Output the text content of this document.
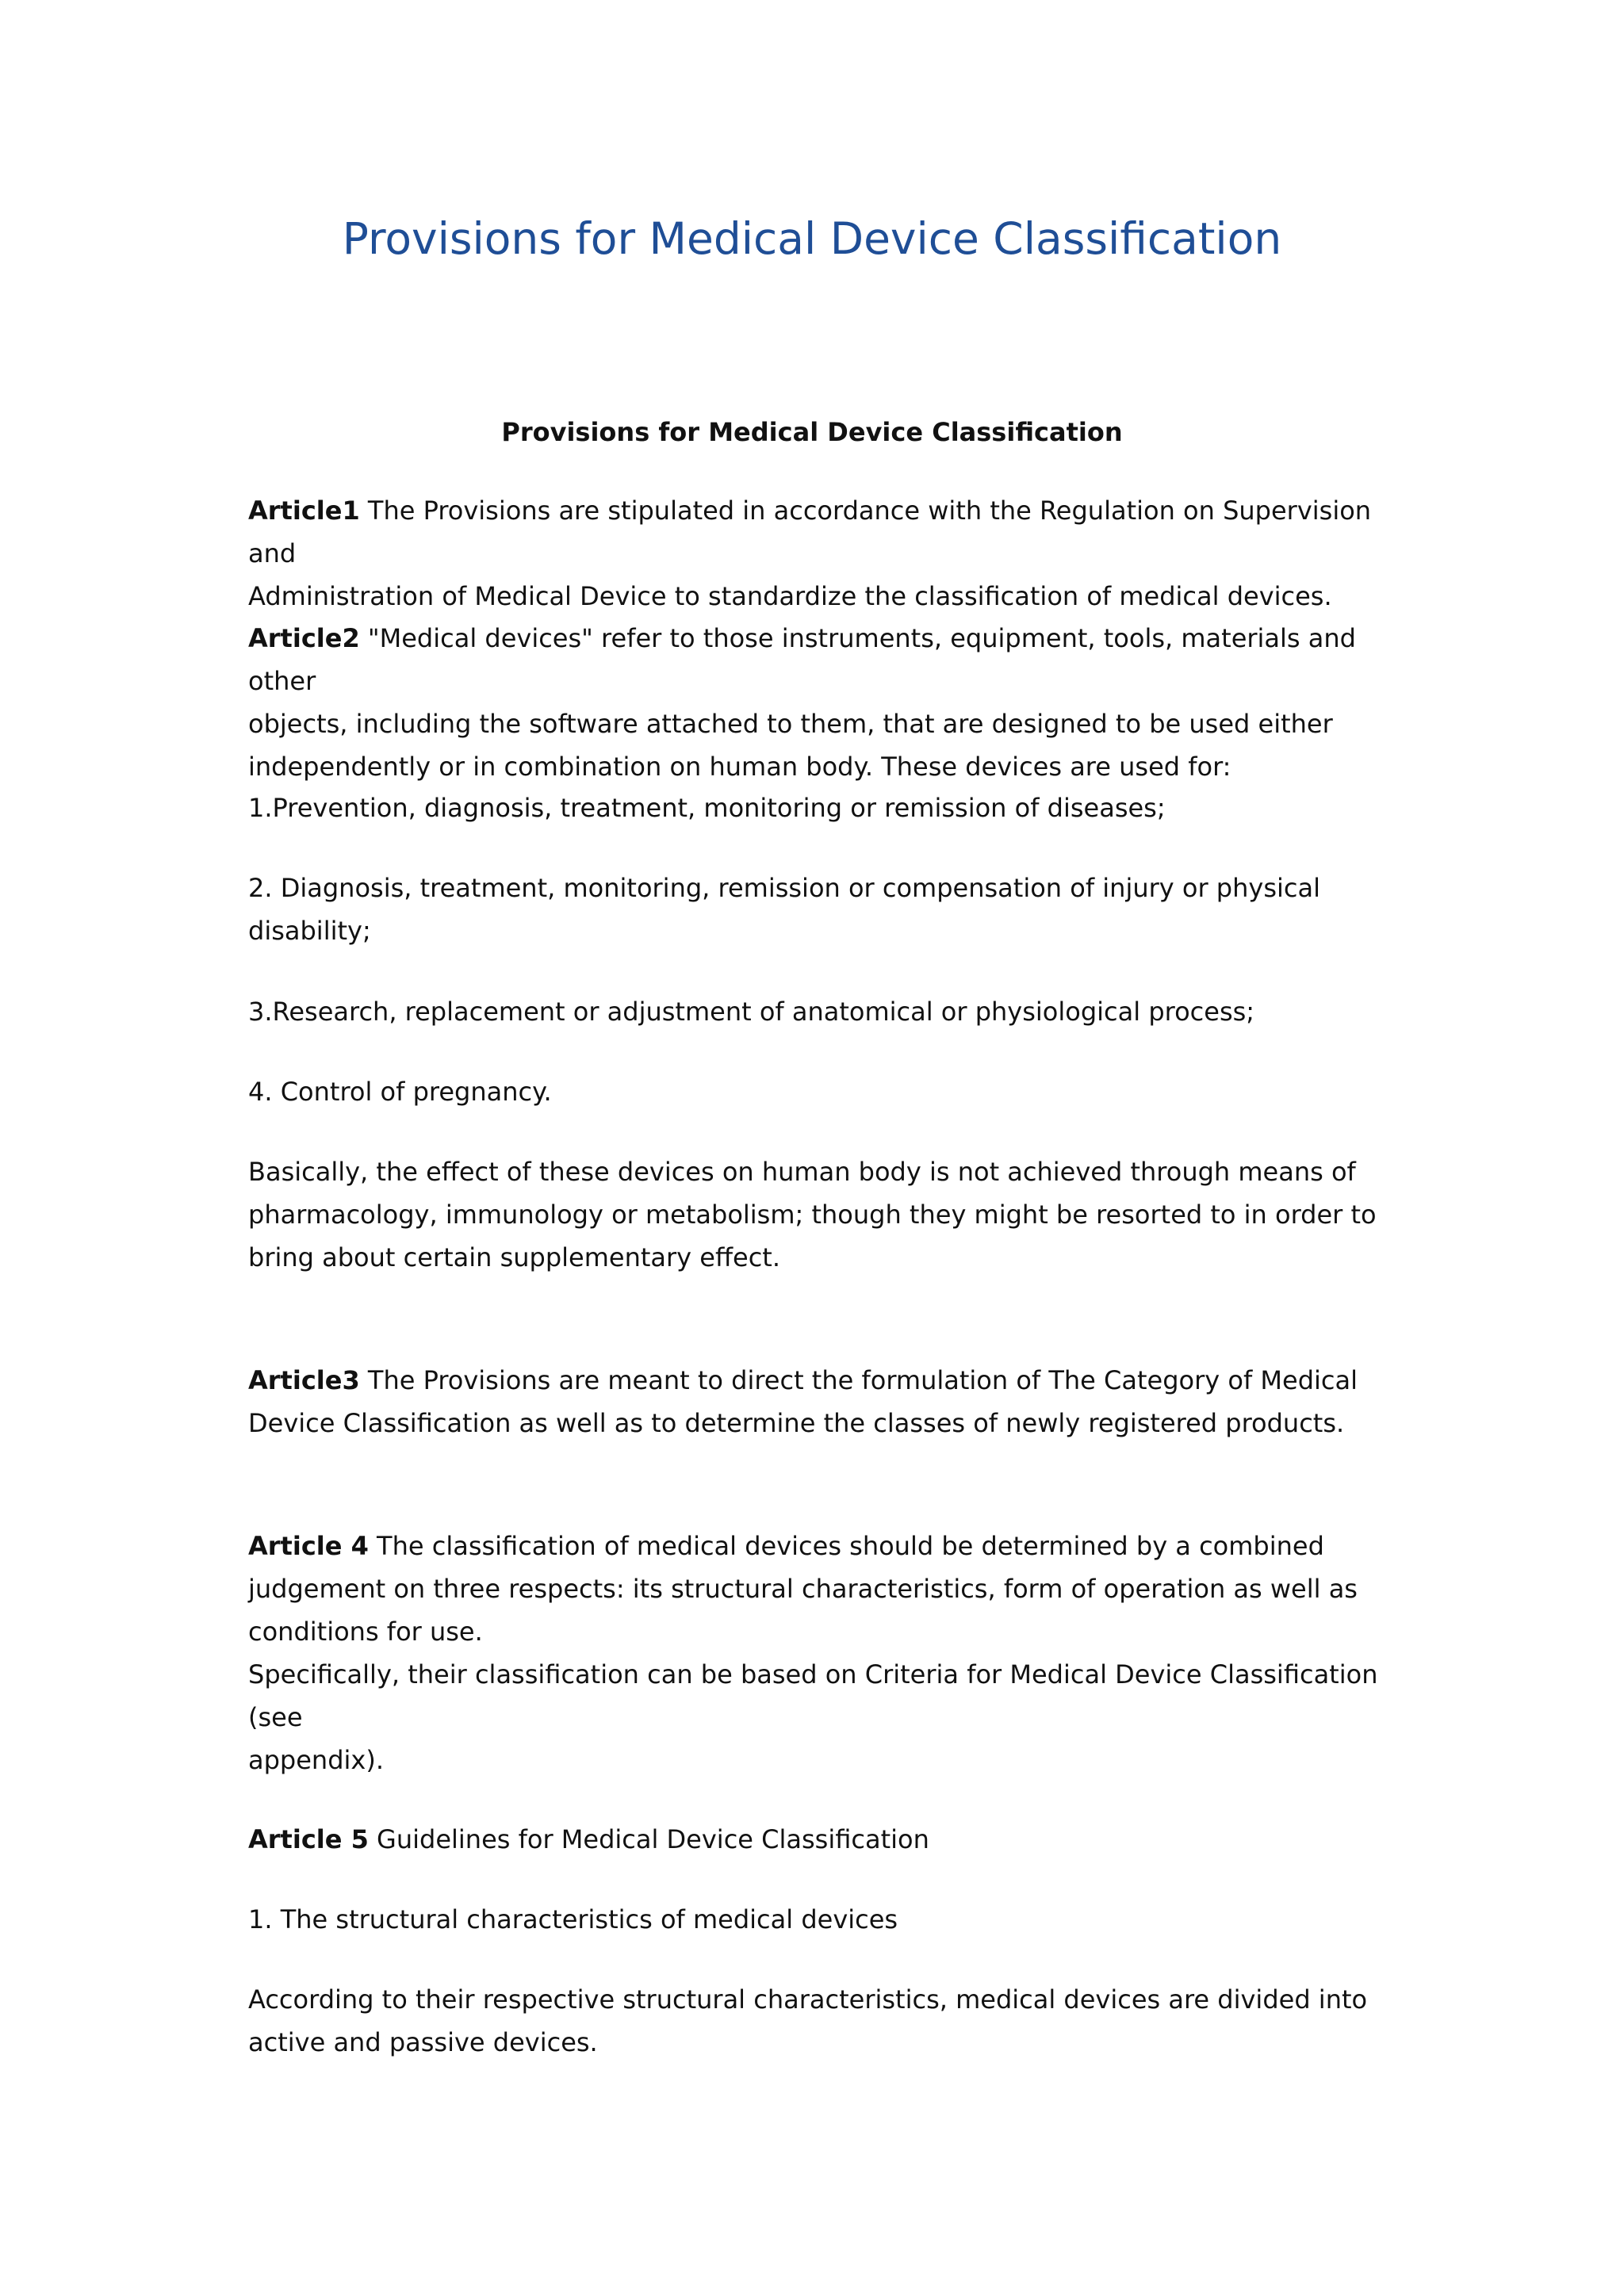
Provisions for Medical Device Classification

Provisions for Medical Device Classification

Article1 The Provisions are stipulated in accordance with the Regulation on Supervision and
Administration of Medical Device to standardize the classification of medical devices.

Article2 "Medical devices" refer to those instruments, equipment, tools, materials and other
objects, including the software attached to them, that are designed to be used either
independently or in combination on human body. These devices are used for:

1.Prevention, diagnosis, treatment, monitoring or remission of diseases;

2. Diagnosis, treatment, monitoring, remission or compensation of injury or physical
disability;

3.Research, replacement or adjustment of anatomical or physiological process;

4. Control of pregnancy.

Basically, the effect of these devices on human body is not achieved through means of
pharmacology, immunology or metabolism; though they might be resorted to in order to
bring about certain supplementary effect.

Article3 The Provisions are meant to direct the formulation of The Category of Medical
Device Classification as well as to determine the classes of newly registered products.

Article 4 The classification of medical devices should be determined by a combined
judgement on three respects: its structural characteristics, form of operation as well as
conditions for use.
Specifically, their classification can be based on Criteria for Medical Device Classification (see
appendix).

Article 5 Guidelines for Medical Device Classification

1. The structural characteristics of medical devices

According to their respective structural characteristics, medical devices are divided into
active and passive devices.
